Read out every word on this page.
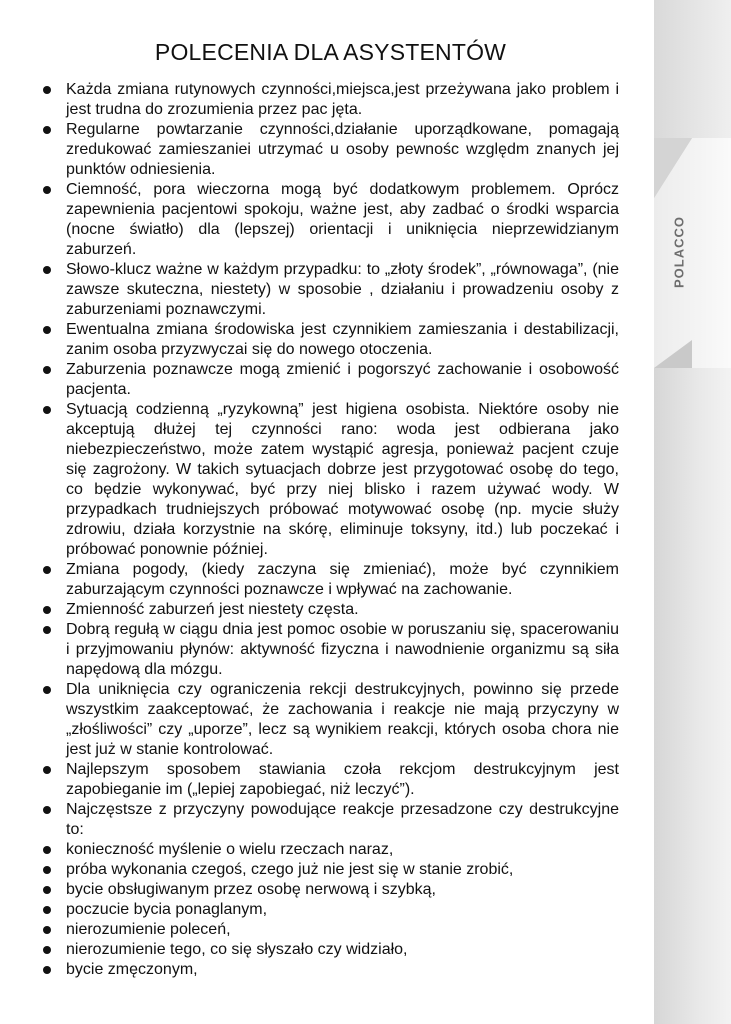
POLECENIA DLA ASYSTENTÓW
Każda zmiana rutynowych czynności,miejsca,jest przeżywana jako problem i jest trudna do zrozumienia przez pac jęta.
Regularne powtarzanie czynności,działanie uporządkowane, pomagają zredukować zamieszaniei utrzymać u osoby pewnośc względm znanych jej punktów odniesienia.
Ciemność, pora wieczorna mogą być dodatkowym problemem. Oprócz zapewnienia pacjentowi spokoju, ważne jest, aby zadbać o środki wsparcia (nocne światło) dla (lepszej) orientacji i uniknięcia nieprzewidzianym zaburzeń.
Słowo-klucz ważne w każdym przypadku: to „złoty środek”, „równowaga”, (nie zawsze skuteczna, niestety) w sposobie , działaniu i prowadzeniu osoby z zaburzeniami poznawczymi.
Ewentualna zmiana środowiska jest czynnikiem zamieszania i destabilizacji, zanim osoba przyzwyczai się do nowego otoczenia.
Zaburzenia poznawcze mogą zmienić i pogorszyć zachowanie i osobowość pacjenta.
Sytuacją codzienną „ryzykowną” jest higiena osobista. Niektóre osoby nie akceptują dłużej tej czynności rano: woda jest odbierana jako niebezpieczeństwo, może zatem wystąpić agresja, ponieważ pacjent czuje się zagrożony. W takich sytuacjach dobrze jest przygotować osobę do tego, co będzie wykonywać, być przy niej blisko i razem używać wody. W przypadkach trudniejszych próbować motywować osobę (np. mycie służy zdrowiu, działa korzystnie na skórę, eliminuje toksyny, itd.) lub poczekać i próbować ponownie później.
Zmiana pogody, (kiedy zaczyna się zmieniać), może być czynnikiem zaburzającym czynności poznawcze i wpływać na zachowanie.
Zmienność zaburzeń jest niestety częsta.
Dobrą regułą w ciągu dnia jest pomoc osobie w poruszaniu się, spacerowaniu i przyjmowaniu płynów: aktywność fizyczna i nawodnienie organizmu są siła napędową dla mózgu.
Dla uniknięcia czy ograniczenia rekcji destrukcyjnych, powinno się przede wszystkim zaakceptować, że zachowania i reakcje nie mają przyczyny w „złośliwości” czy „uporze”, lecz są wynikiem reakcji, których osoba chora nie jest już w stanie kontrolować.
Najlepszym sposobem stawiania czoła rekcjom destrukcyjnym jest zapobieganie im („lepiej zapobiegać, niż leczyć”).
Najczęstsze z przyczyny powodujące reakcje przesadzone czy destrukcyjne to:
konieczność myślenie o wielu rzeczach naraz,
próba wykonania czegoś, czego już nie jest się w stanie zrobić,
bycie obsługiwanym przez osobę nerwową i szybką,
poczucie bycia ponaglanym,
nierozumienie poleceń,
nierozumienie tego, co się słyszało czy widziało,
bycie zmęczonym,
POLACCO
